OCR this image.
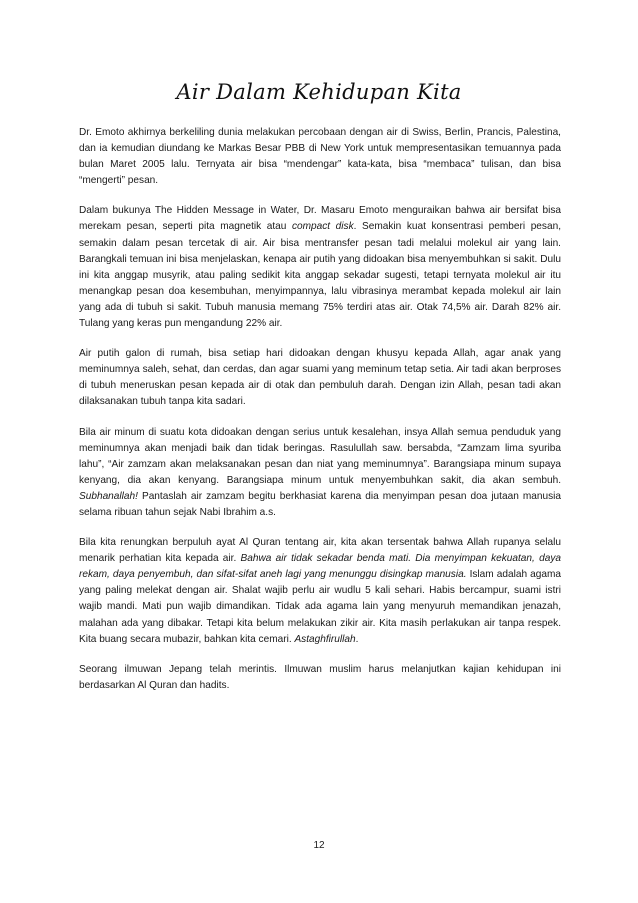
Air Dalam Kehidupan Kita

Dr. Emoto akhirnya berkeliling dunia melakukan percobaan dengan air di Swiss, Berlin, Prancis, Palestina, dan ia kemudian diundang ke Markas Besar PBB di New York untuk mempresentasikan temuannya pada bulan Maret 2005 lalu. Ternyata air bisa “mendengar” kata-kata, bisa “membaca” tulisan, dan bisa “mengerti” pesan.

Dalam bukunya The Hidden Message in Water, Dr. Masaru Emoto menguraikan bahwa air bersifat bisa merekam pesan, seperti pita magnetik atau compact disk. Semakin kuat konsentrasi pemberi pesan, semakin dalam pesan tercetak di air. Air bisa mentransfer pesan tadi melalui molekul air yang lain. Barangkali temuan ini bisa menjelaskan, kenapa air putih yang didoakan bisa menyembuhkan si sakit. Dulu ini kita anggap musyrik, atau paling sedikit kita anggap sekadar sugesti, tetapi ternyata molekul air itu menangkap pesan doa kesembuhan, menyimpannya, lalu vibrasinya merambat kepada molekul air lain yang ada di tubuh si sakit. Tubuh manusia memang 75% terdiri atas air. Otak 74,5% air. Darah 82% air. Tulang yang keras pun mengandung 22% air.

Air putih galon di rumah, bisa setiap hari didoakan dengan khusyu kepada Allah, agar anak yang meminumnya saleh, sehat, dan cerdas, dan agar suami yang meminum tetap setia. Air tadi akan berproses di tubuh meneruskan pesan kepada air di otak dan pembuluh darah. Dengan izin Allah, pesan tadi akan dilaksanakan tubuh tanpa kita sadari.

Bila air minum di suatu kota didoakan dengan serius untuk kesalehan, insya Allah semua penduduk yang meminumnya akan menjadi baik dan tidak beringas. Rasulullah saw. bersabda, “Zamzam lima syuriba lahu”, “Air zamzam akan melaksanakan pesan dan niat yang meminumnya”. Barangsiapa minum supaya kenyang, dia akan kenyang. Barangsiapa minum untuk menyembuhkan sakit, dia akan sembuh. Subhanallah! Pantaslah air zamzam begitu berkhasiat karena dia menyimpan pesan doa jutaan manusia selama ribuan tahun sejak Nabi Ibrahim a.s.

Bila kita renungkan berpuluh ayat Al Quran tentang air, kita akan tersentak bahwa Allah rupanya selalu menarik perhatian kita kepada air. Bahwa air tidak sekadar benda mati. Dia menyimpan kekuatan, daya rekam, daya penyembuh, dan sifat-sifat aneh lagi yang menunggu disingkap manusia. Islam adalah agama yang paling melekat dengan air. Shalat wajib perlu air wudlu 5 kali sehari. Habis bercampur, suami istri wajib mandi. Mati pun wajib dimandikan. Tidak ada agama lain yang menyuruh memandikan jenazah, malahan ada yang dibakar. Tetapi kita belum melakukan zikir air. Kita masih perlakukan air tanpa respek. Kita buang secara mubazir, bahkan kita cemari. Astaghfirullah.

Seorang ilmuwan Jepang telah merintis. Ilmuwan muslim harus melanjutkan kajian kehidupan ini berdasarkan Al Quran dan hadits.

12
